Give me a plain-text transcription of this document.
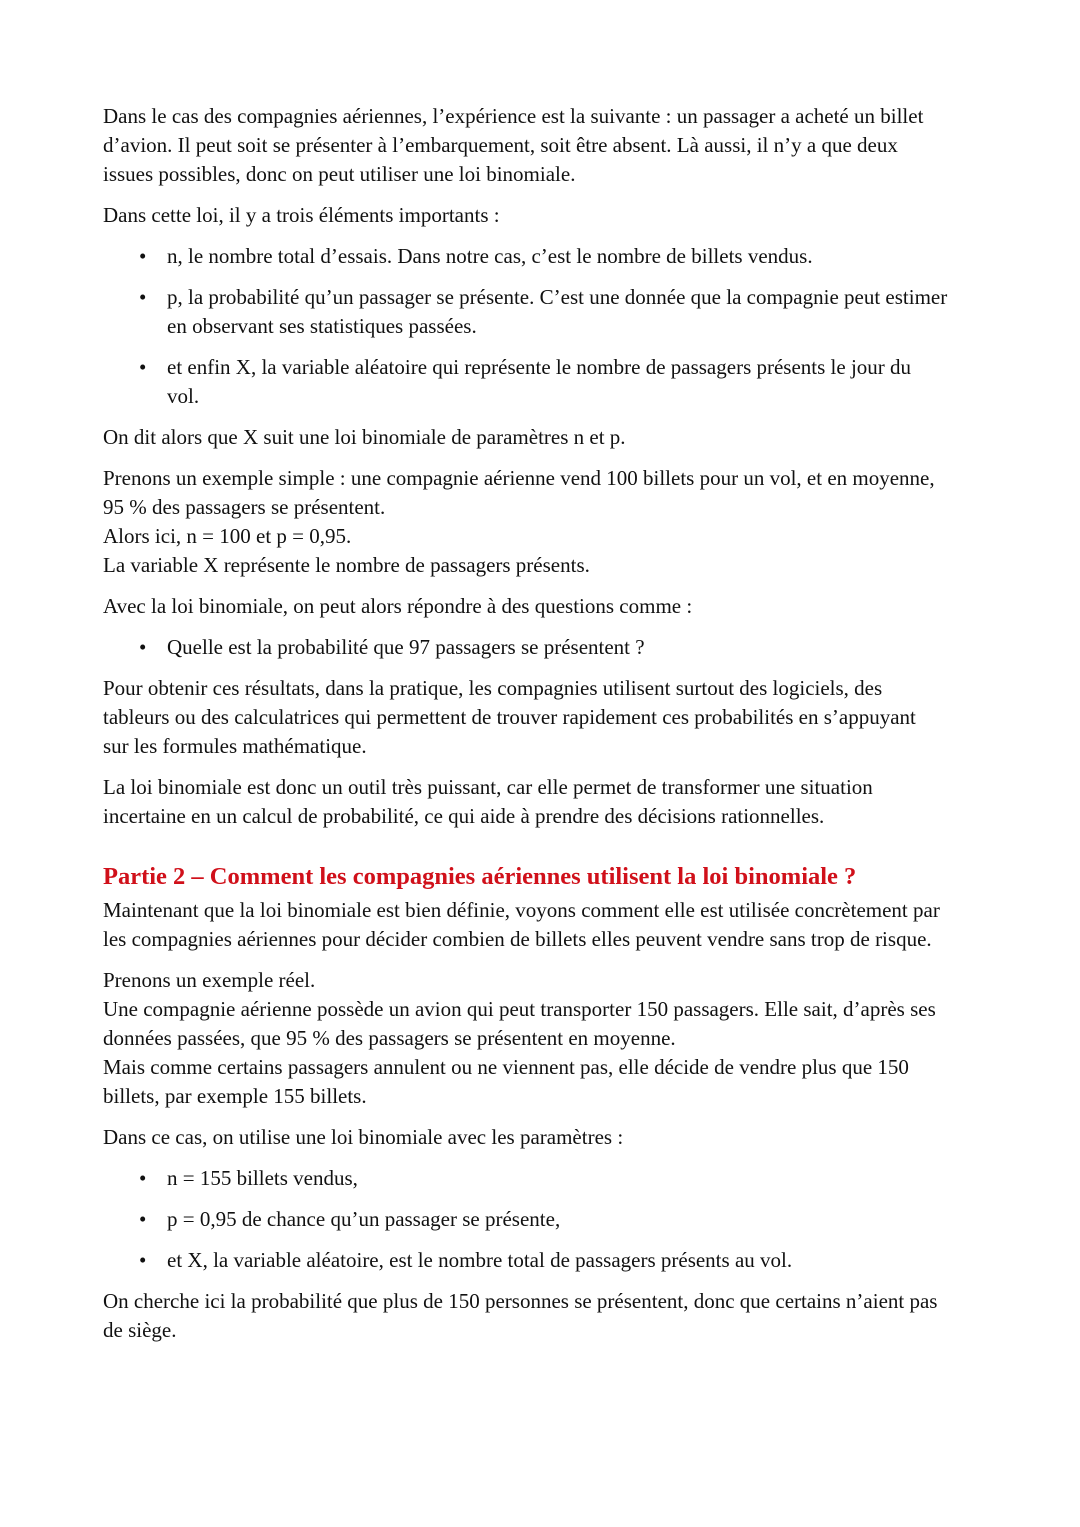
Dans le cas des compagnies aériennes, l’expérience est la suivante : un passager a acheté un billet
d’avion. Il peut soit se présenter à l’embarquement, soit être absent. Là aussi, il n’y a que deux
issues possibles, donc on peut utiliser une loi binomiale.
Dans cette loi, il y a trois éléments importants :
• n, le nombre total d’essais. Dans notre cas, c’est le nombre de billets vendus.
• p, la probabilité qu’un passager se présente. C’est une donnée que la compagnie peut estimer
en observant ses statistiques passées.
• et enfin X, la variable aléatoire qui représente le nombre de passagers présents le jour du
vol.
On dit alors que X suit une loi binomiale de paramètres n et p.
Prenons un exemple simple : une compagnie aérienne vend 100 billets pour un vol, et en moyenne,
95 % des passagers se présentent.
Alors ici, n = 100 et p = 0,95.
La variable X représente le nombre de passagers présents.
Avec la loi binomiale, on peut alors répondre à des questions comme :
• Quelle est la probabilité que 97 passagers se présentent ?
Pour obtenir ces résultats, dans la pratique, les compagnies utilisent surtout des logiciels, des
tableurs ou des calculatrices qui permettent de trouver rapidement ces probabilités en s’appuyant
sur les formules mathématique.
La loi binomiale est donc un outil très puissant, car elle permet de transformer une situation
incertaine en un calcul de probabilité, ce qui aide à prendre des décisions rationnelles.
Partie 2 – Comment les compagnies aériennes utilisent la loi binomiale ?
Maintenant que la loi binomiale est bien définie, voyons comment elle est utilisée concrètement par
les compagnies aériennes pour décider combien de billets elles peuvent vendre sans trop de risque.
Prenons un exemple réel.
Une compagnie aérienne possède un avion qui peut transporter 150 passagers. Elle sait, d’après ses
données passées, que 95 % des passagers se présentent en moyenne.
Mais comme certains passagers annulent ou ne viennent pas, elle décide de vendre plus que 150
billets, par exemple 155 billets.
Dans ce cas, on utilise une loi binomiale avec les paramètres :
• n = 155 billets vendus,
• p = 0,95 de chance qu’un passager se présente,
• et X, la variable aléatoire, est le nombre total de passagers présents au vol.
On cherche ici la probabilité que plus de 150 personnes se présentent, donc que certains n’aient pas
de siège.
